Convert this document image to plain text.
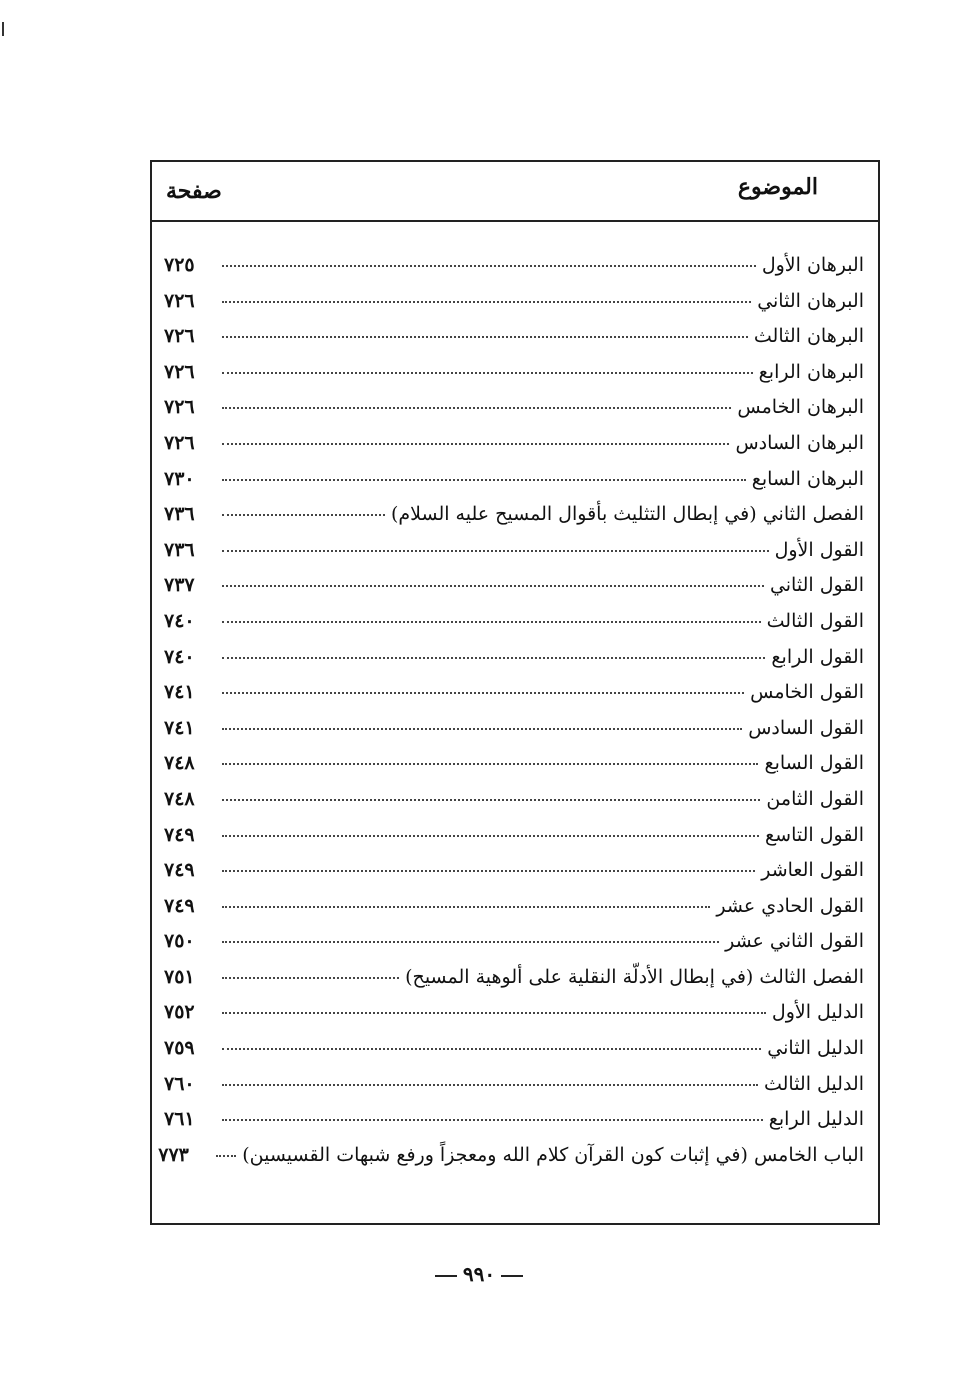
الموضوع
صفحة
البرهان الأول
٧٢٥
البرهان الثاني
٧٢٦
البرهان الثالث
٧٢٦
البرهان الرابع
٧٢٦
البرهان الخامس
٧٢٦
البرهان السادس
٧٢٦
البرهان السابع
٧٣٠
الفصل الثاني (في إبطال التثليث بأقوال المسيح عليه السلام)
٧٣٦
القول الأول
٧٣٦
القول الثاني
٧٣٧
القول الثالث
٧٤٠
القول الرابع
٧٤٠
القول الخامس
٧٤١
القول السادس
٧٤١
القول السابع
٧٤٨
القول الثامن
٧٤٨
القول التاسع
٧٤٩
القول العاشر
٧٤٩
القول الحادي عشر
٧٤٩
القول الثاني عشر
٧٥٠
الفصل الثالث (في إبطال الأدلّة النقلية على ألوهية المسيح)
٧٥١
الدليل الأول
٧٥٢
الدليل الثاني
٧٥٩
الدليل الثالث
٧٦٠
الدليل الرابع
٧٦١
الباب الخامس (في إثبات كون القرآن كلام الله ومعجزاً ورفع شبهات القسيسين)
٧٧٣
٩٩٠
